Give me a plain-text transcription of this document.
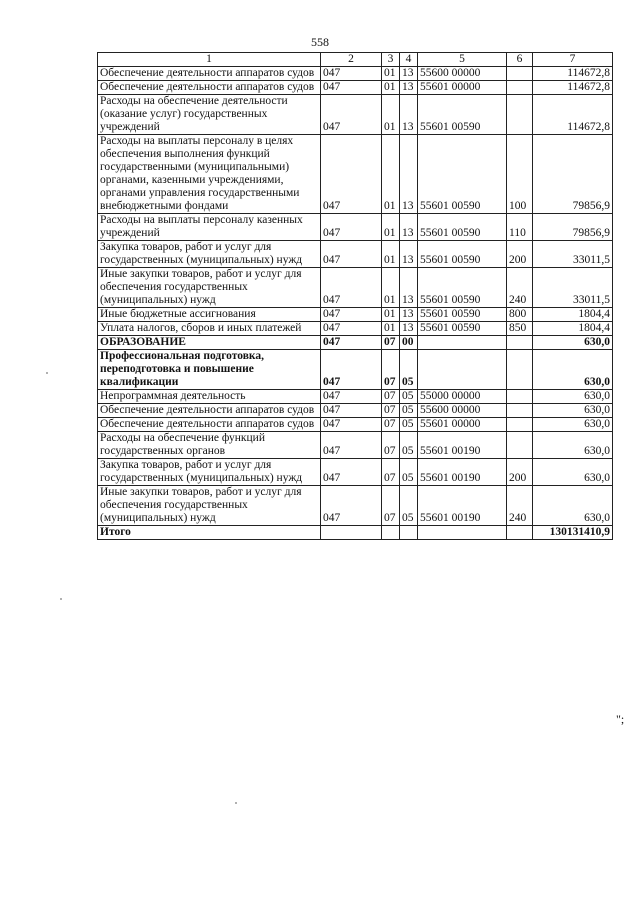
558
1	2	3	4	5	6	7
Обеспечение деятельности аппаратов судов	047	01	13	55600 00000		114672,8
Обеспечение деятельности аппаратов судов	047	01	13	55601 00000		114672,8
Расходы на обеспечение деятельности (оказание услуг) государственных учреждений	047	01	13	55601 00590		114672,8
Расходы на выплаты персоналу в целях обеспечения выполнения функций государственными (муниципальными) органами, казенными учреждениями, органами управления государственными внебюджетными фондами	047	01	13	55601 00590	100	79856,9
Расходы на выплаты персоналу казенных учреждений	047	01	13	55601 00590	110	79856,9
Закупка товаров, работ и услуг для государственных (муниципальных) нужд	047	01	13	55601 00590	200	33011,5
Иные закупки товаров, работ и услуг для обеспечения государственных (муниципальных) нужд	047	01	13	55601 00590	240	33011,5
Иные бюджетные ассигнования	047	01	13	55601 00590	800	1804,4
Уплата налогов, сборов и иных платежей	047	01	13	55601 00590	850	1804,4
ОБРАЗОВАНИЕ	047	07	00			630,0
Профессиональная подготовка, переподготовка и повышение квалификации	047	07	05			630,0
Непрограммная деятельность	047	07	05	55000 00000		630,0
Обеспечение деятельности аппаратов судов	047	07	05	55600 00000		630,0
Обеспечение деятельности аппаратов судов	047	07	05	55601 00000		630,0
Расходы на обеспечение функций государственных органов	047	07	05	55601 00190		630,0
Закупка товаров, работ и услуг для государственных (муниципальных) нужд	047	07	05	55601 00190	200	630,0
Иные закупки товаров, работ и услуг для обеспечения государственных (муниципальных) нужд	047	07	05	55601 00190	240	630,0
Итого						130131410,9
";
